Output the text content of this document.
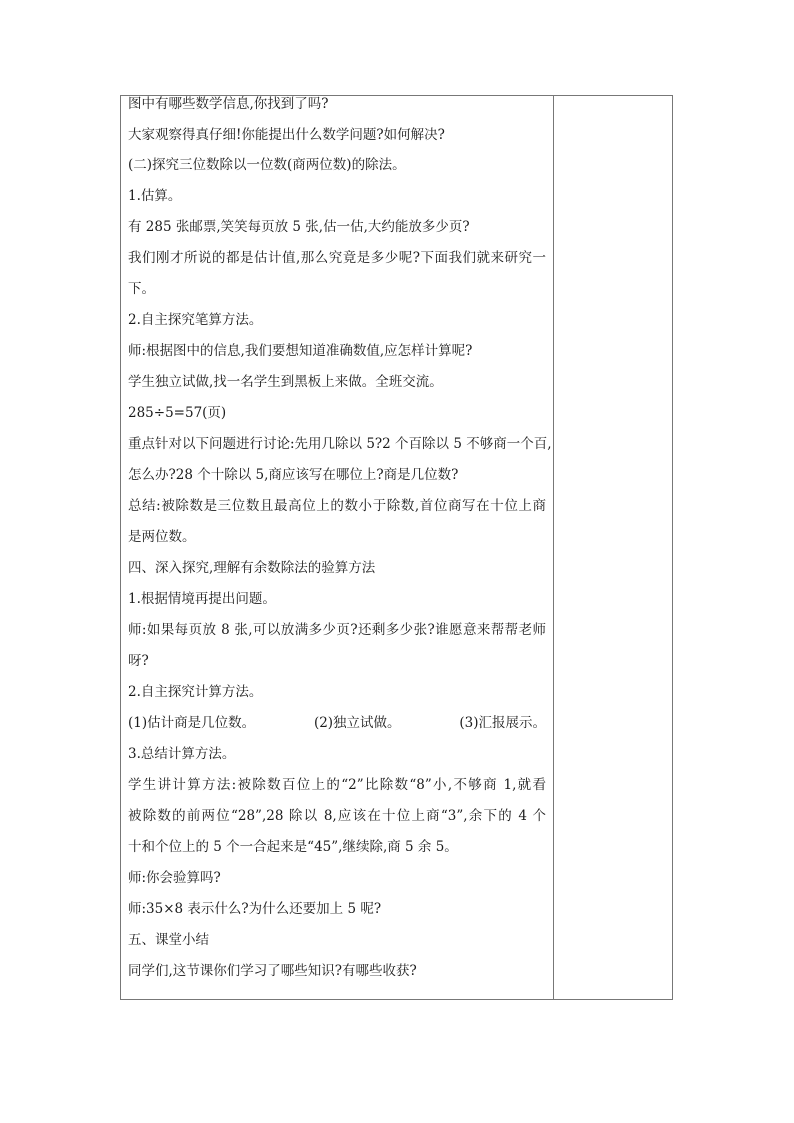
图中有哪些数学信息,你找到了吗?
大家观察得真仔细!你能提出什么数学问题?如何解决?
(二)探究三位数除以一位数(商两位数)的除法。
1.估算。
有 285 张邮票,笑笑每页放 5 张,估一估,大约能放多少页?
我们刚才所说的都是估计值,那么究竟是多少呢?下面我们就来研究一
下。
2.自主探究笔算方法。
师:根据图中的信息,我们要想知道准确数值,应怎样计算呢?
学生独立试做,找一名学生到黑板上来做。全班交流。
285÷5=57(页)
重点针对以下问题进行讨论:先用几除以 5?2 个百除以 5 不够商一个百,
怎么办?28 个十除以 5,商应该写在哪位上?商是几位数?
总结:被除数是三位数且最高位上的数小于除数,首位商写在十位上商
是两位数。
四、深入探究,理解有余数除法的验算方法
1.根据情境再提出问题。
师:如果每页放 8 张,可以放满多少页?还剩多少张?谁愿意来帮帮老师
呀?
2.自主探究计算方法。
(1)估计商是几位数。	(2)独立试做。	(3)汇报展示。
3.总结计算方法。
学生讲计算方法:被除数百位上的“2”比除数“8”小,不够商 1,就看
被除数的前两位“28”,28 除以 8,应该在十位上商“3”,余下的 4 个
十和个位上的 5 个一合起来是“45”,继续除,商 5 余 5。
师:你会验算吗?
师:35×8 表示什么?为什么还要加上 5 呢?
五、课堂小结
同学们,这节课你们学习了哪些知识?有哪些收获?
